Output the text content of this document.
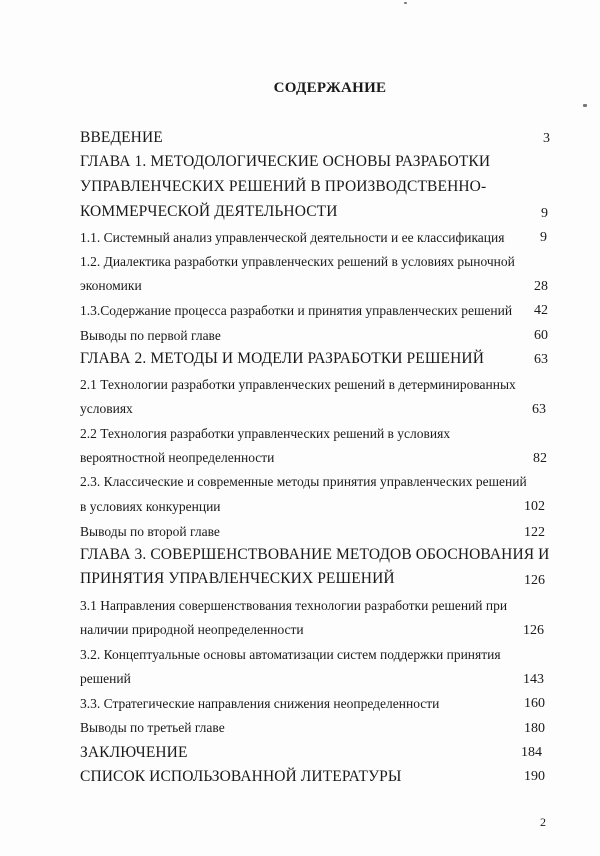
СОДЕРЖАНИЕ
ВВЕДЕНИЕ	3
ГЛАВА 1. МЕТОДОЛОГИЧЕСКИЕ ОСНОВЫ РАЗРАБОТКИ
УПРАВЛЕНЧЕСКИХ РЕШЕНИЙ В ПРОИЗВОДСТВЕННО-
КОММЕРЧЕСКОЙ ДЕЯТЕЛЬНОСТИ	9
1.1. Системный анализ управленческой деятельности и ее классификация	9
1.2. Диалектика разработки управленческих решений в условиях рыночной
экономики	28
1.3.Содержание процесса разработки и принятия управленческих решений 42
Выводы по первой главе	60
ГЛАВА 2. МЕТОДЫ И МОДЕЛИ РАЗРАБОТКИ РЕШЕНИЙ	63
2.1 Технологии разработки управленческих решений в детерминированных
условиях	63
2.2 Технология разработки управленческих решений в условиях
вероятностной неопределенности	82
2.3. Классические и современные методы принятия управленческих решений
в условиях конкуренции	102
Выводы по второй главе	122
ГЛАВА 3. СОВЕРШЕНСТВОВАНИЕ МЕТОДОВ ОБОСНОВАНИЯ И
ПРИНЯТИЯ УПРАВЛЕНЧЕСКИХ РЕШЕНИЙ	126
3.1 Направления совершенствования технологии разработки решений при
наличии природной неопределенности	126
3.2. Концептуальные основы автоматизации систем поддержки принятия
решений	143
3.3. Стратегические направления снижения неопределенности	160
Выводы по третьей главе	180
ЗАКЛЮЧЕНИЕ	184
СПИСОК ИСПОЛЬЗОВАННОЙ ЛИТЕРАТУРЫ	190
2
